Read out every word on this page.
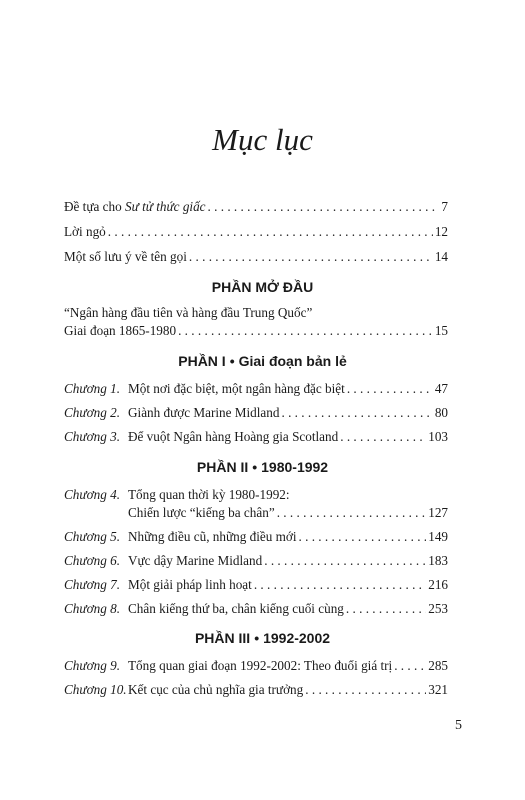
Mục lục
Đề tựa cho Sư tử thức giấc . . .	7
Lời ngỏ . . .	12
Một số lưu ý về tên gọi . . .	14
PHẦN MỞ ĐẦU
“Ngân hàng đầu tiên và hàng đầu Trung Quốc”
Giai đoạn 1865-1980 . . .	15
PHẦN I • Giai đoạn bản lẻ
Chương 1. Một nơi đặc biệt, một ngân hàng đặc biệt . . .	47
Chương 2. Giành được Marine Midland . . .	80
Chương 3. Để vuột Ngân hàng Hoàng gia Scotland . . .	103
PHẦN II • 1980-1992
Chương 4. Tổng quan thời kỳ 1980-1992:
Chiến lược “kiếng ba chân” . . .	127
Chương 5. Những điều cũ, những điều mới . . .	149
Chương 6. Vực dậy Marine Midland . . .	183
Chương 7. Một giải pháp linh hoạt . . .	216
Chương 8. Chân kiếng thứ ba, chân kiếng cuối cùng . . .	253
PHẦN III • 1992-2002
Chương 9. Tổng quan giai đoạn 1992-2002: Theo đuổi giá trị . . .	285
Chương 10. Kết cục của chủ nghĩa gia trưởng . . .	321
5
